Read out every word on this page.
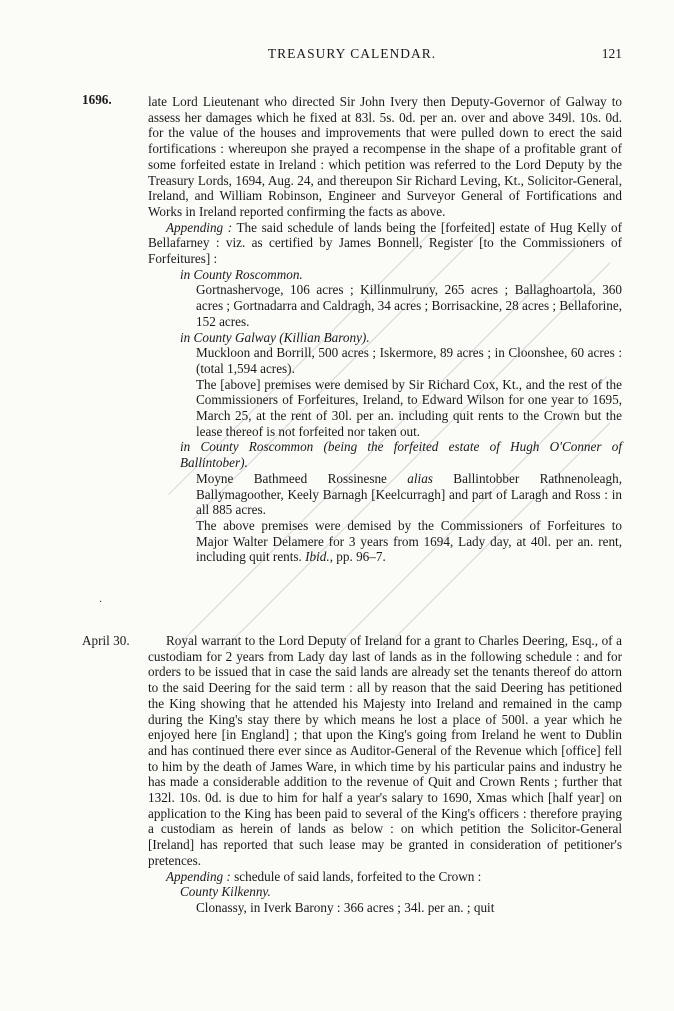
TREASURY CALENDAR.	121
1696.	late Lord Lieutenant who directed Sir John Ivery then Deputy-Governor of Galway to assess her damages which he fixed at 83l. 5s. 0d. per an. over and above 349l. 10s. 0d. for the value of the houses and improvements that were pulled down to erect the said fortifications : whereupon she prayed a recompense in the shape of a profitable grant of some forfeited estate in Ireland : which petition was referred to the Lord Deputy by the Treasury Lords, 1694, Aug. 24, and thereupon Sir Richard Leving, Kt., Solicitor-General, Ireland, and William Robinson, Engineer and Surveyor General of Fortifications and Works in Ireland reported confirming the facts as above.

Appending : The said schedule of lands being the [forfeited] estate of Hug Kelly of Bellafarney : viz. as certified by James Bonnell, Register [to the Commissioners of Forfeitures] :

in County Roscommon.

Gortnashervoge, 106 acres ; Killinmulruny, 265 acres ; Ballaghoartola, 360 acres ; Gortnadarra and Caldragh, 34 acres ; Borrisackine, 28 acres ; Bellaforine, 152 acres.

in County Galway (Killian Barony).

Muckloon and Borrill, 500 acres ; Iskermore, 89 acres ; in Cloonshee, 60 acres : (total 1,594 acres).

The [above] premises were demised by Sir Richard Cox, Kt., and the rest of the Commissioners of Forfeitures, Ireland, to Edward Wilson for one year to 1695, March 25, at the rent of 30l. per an. including quit rents to the Crown but the lease thereof is not forfeited nor taken out.

in County Roscommon (being the forfeited estate of Hugh O'Conner of Ballintober).

Moyne Bathmeed Rossinesne alias Ballintobber Rathnenoleagh, Ballymagoother, Keely Barnagh [Keelcurragh] and part of Laragh and Ross : in all 885 acres.

The above premises were demised by the Commissioners of Forfeitures to Major Walter Delamere for 3 years from 1694, Lady day, at 40l. per an. rent, including quit rents. Ibid., pp. 96–7.

·
April 30.	Royal warrant to the Lord Deputy of Ireland for a grant to Charles Deering, Esq., of a custodiam for 2 years from Lady day last of lands as in the following schedule : and for orders to be issued that in case the said lands are already set the tenants thereof do attorn to the said Deering for the said term : all by reason that the said Deering has petitioned the King showing that he attended his Majesty into Ireland and remained in the camp during the King's stay there by which means he lost a place of 500l. a year which he enjoyed here [in England] ; that upon the King's going from Ireland he went to Dublin and has continued there ever since as Auditor-General of the Revenue which [office] fell to him by the death of James Ware, in which time by his particular pains and industry he has made a considerable addition to the revenue of Quit and Crown Rents ; further that 132l. 10s. 0d. is due to him for half a year's salary to 1690, Xmas which [half year] on application to the King has been paid to several of the King's officers : therefore praying a custodiam as herein of lands as below : on which petition the Solicitor-General [Ireland] has reported that such lease may be granted in consideration of petitioner's pretences.

Appending : schedule of said lands, forfeited to the Crown :

County Kilkenny.

Clonassy, in Iverk Barony : 366 acres ; 34l. per an. ; quit
